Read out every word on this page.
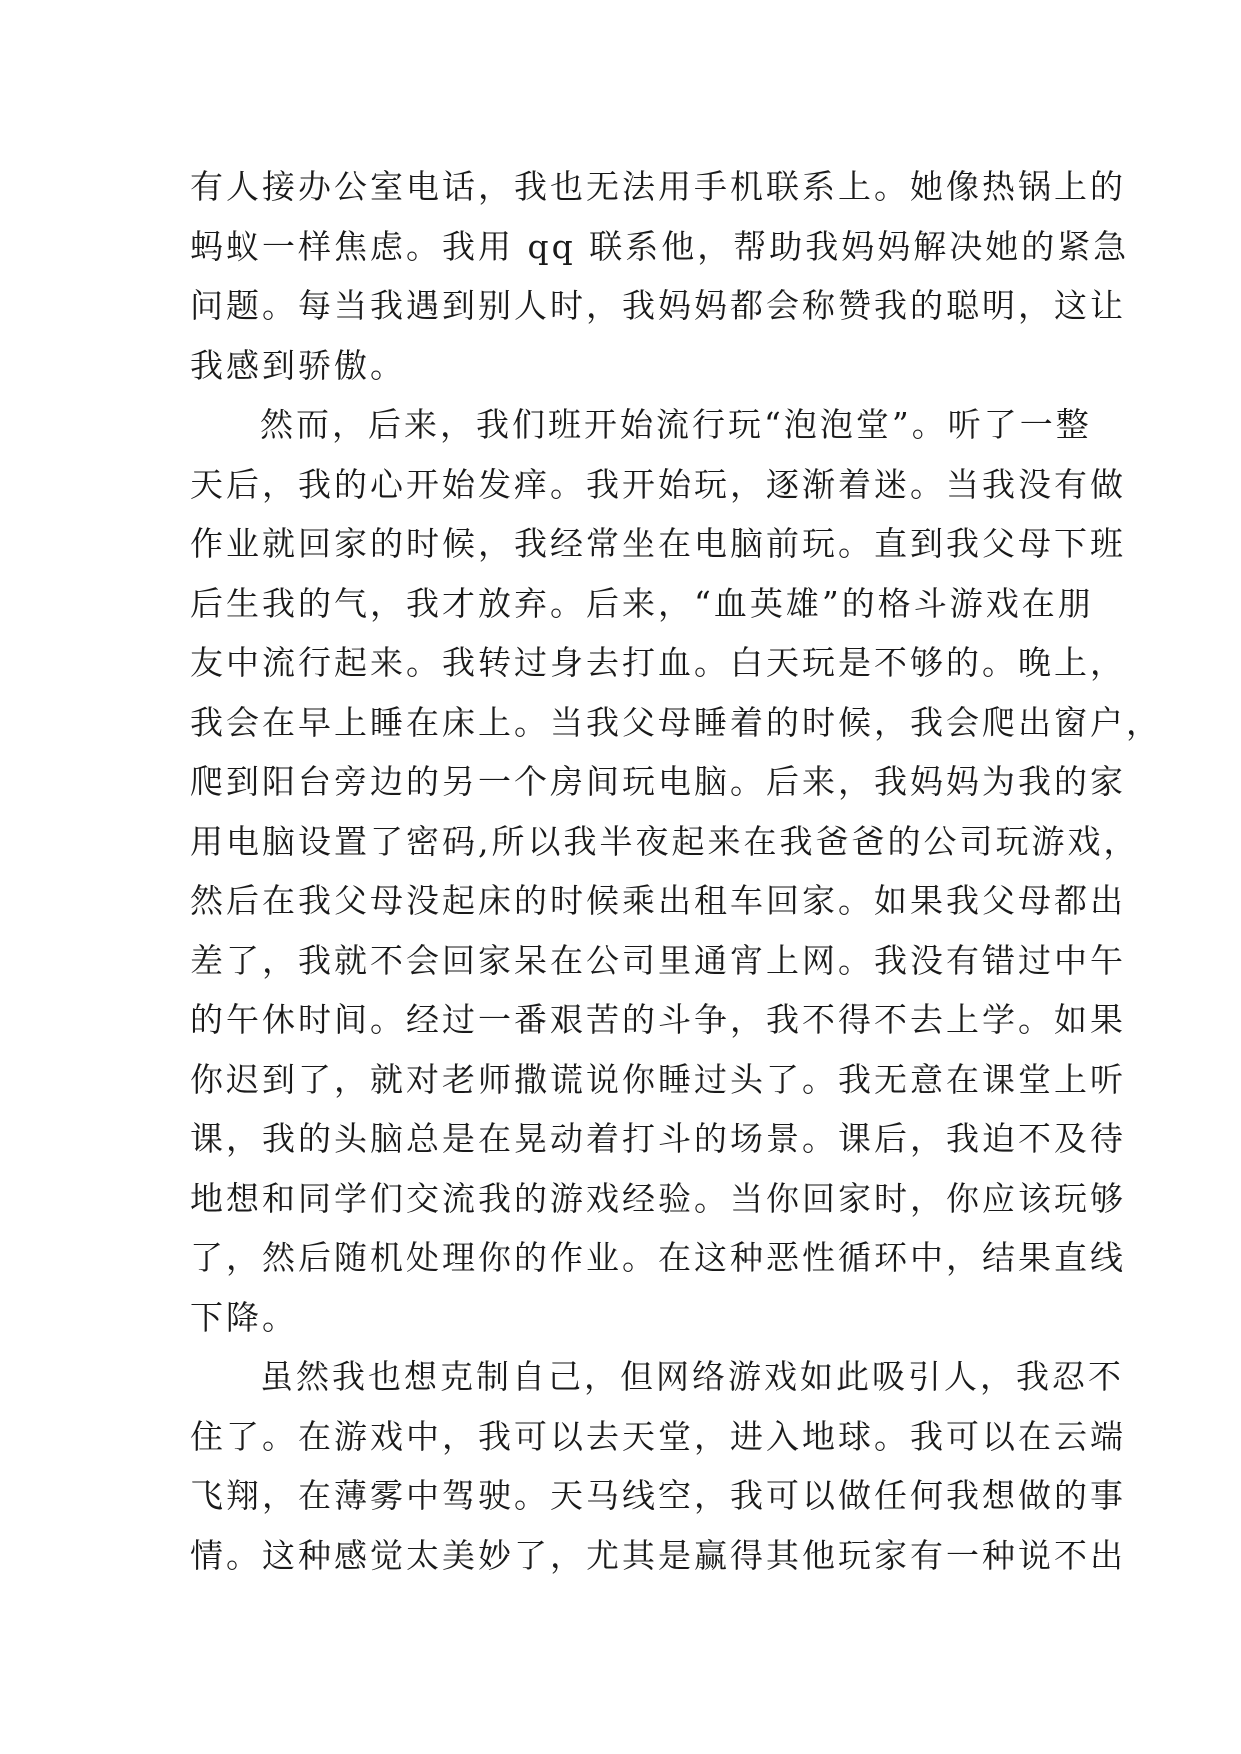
有人接办公室电话，我也无法用手机联系上。她像热锅上的
蚂蚁一样焦虑。我用 qq 联系他，帮助我妈妈解决她的紧急
问题。每当我遇到别人时，我妈妈都会称赞我的聪明，这让
我感到骄傲。
然而，后来，我们班开始流行玩“泡泡堂”。听了一整
天后，我的心开始发痒。我开始玩，逐渐着迷。当我没有做
作业就回家的时候，我经常坐在电脑前玩。直到我父母下班
后生我的气，我才放弃。后来，“血英雄”的格斗游戏在朋
友中流行起来。我转过身去打血。白天玩是不够的。晚上，
我会在早上睡在床上。当我父母睡着的时候，我会爬出窗户，
爬到阳台旁边的另一个房间玩电脑。后来，我妈妈为我的家
用电脑设置了密码,所以我半夜起来在我爸爸的公司玩游戏，
然后在我父母没起床的时候乘出租车回家。如果我父母都出
差了，我就不会回家呆在公司里通宵上网。我没有错过中午
的午休时间。经过一番艰苦的斗争，我不得不去上学。如果
你迟到了，就对老师撒谎说你睡过头了。我无意在课堂上听
课，我的头脑总是在晃动着打斗的场景。课后，我迫不及待
地想和同学们交流我的游戏经验。当你回家时，你应该玩够
了，然后随机处理你的作业。在这种恶性循环中，结果直线
下降。
虽然我也想克制自己，但网络游戏如此吸引人，我忍不
住了。在游戏中，我可以去天堂，进入地球。我可以在云端
飞翔，在薄雾中驾驶。天马线空，我可以做任何我想做的事
情。这种感觉太美妙了，尤其是赢得其他玩家有一种说不出
